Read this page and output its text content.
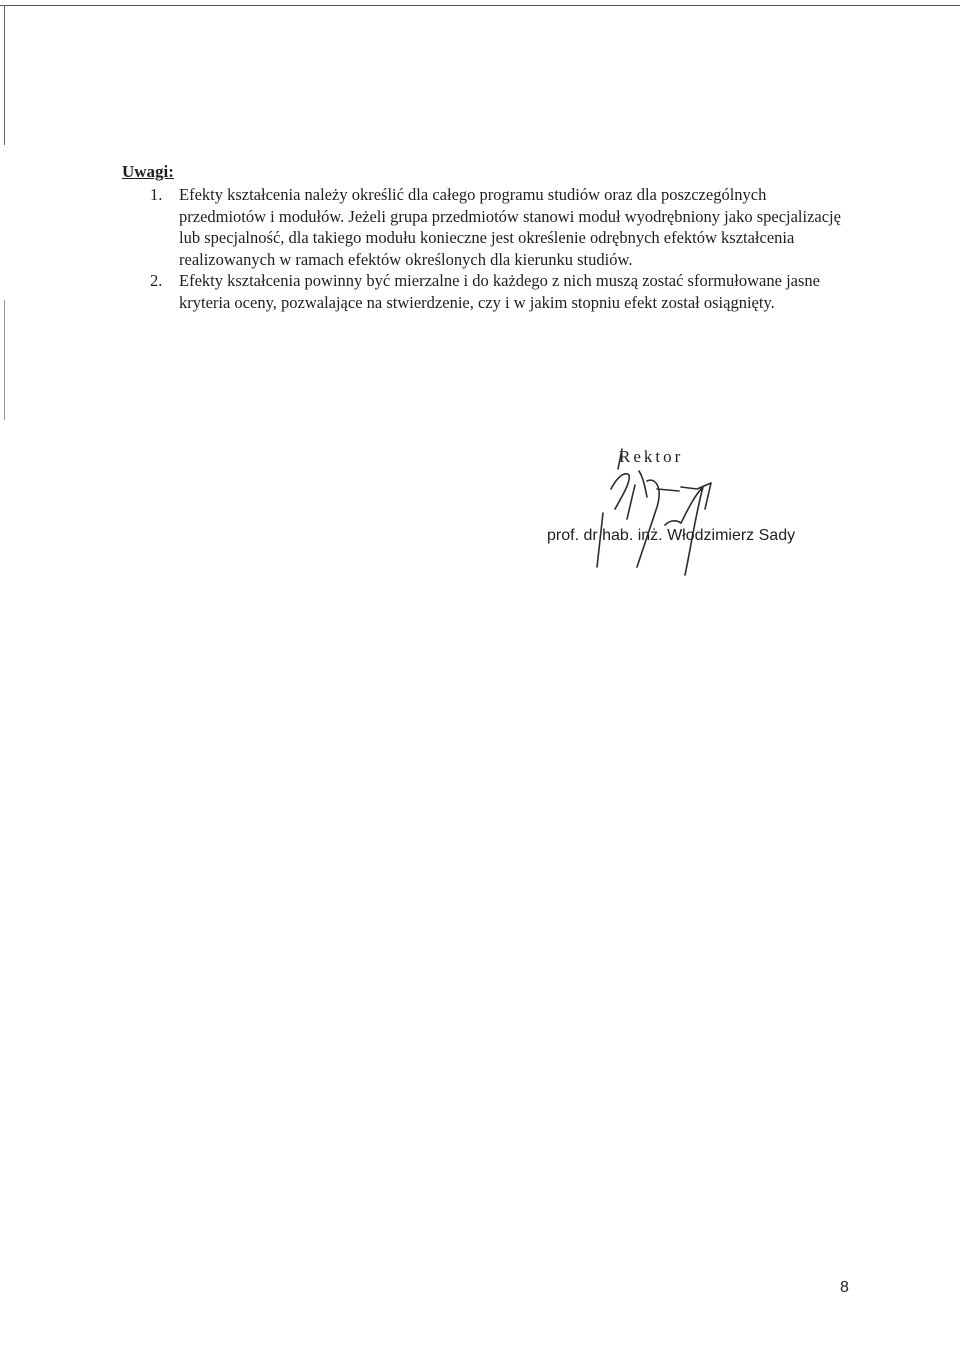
Uwagi:
1. Efekty kształcenia należy określić dla całego programu studiów oraz dla poszczególnych przedmiotów i modułów. Jeżeli grupa przedmiotów stanowi moduł wyodrębniony jako specjalizację lub specjalność, dla takiego modułu konieczne jest określenie odrębnych efektów kształcenia realizowanych w ramach efektów określonych dla kierunku studiów.
2. Efekty kształcenia powinny być mierzalne i do każdego z nich muszą zostać sformułowane jasne kryteria oceny, pozwalające na stwierdzenie, czy i w jakim stopniu efekt został osiągnięty.
Rektor
prof. dr hab. inż. Włodzimierz Sady
8
